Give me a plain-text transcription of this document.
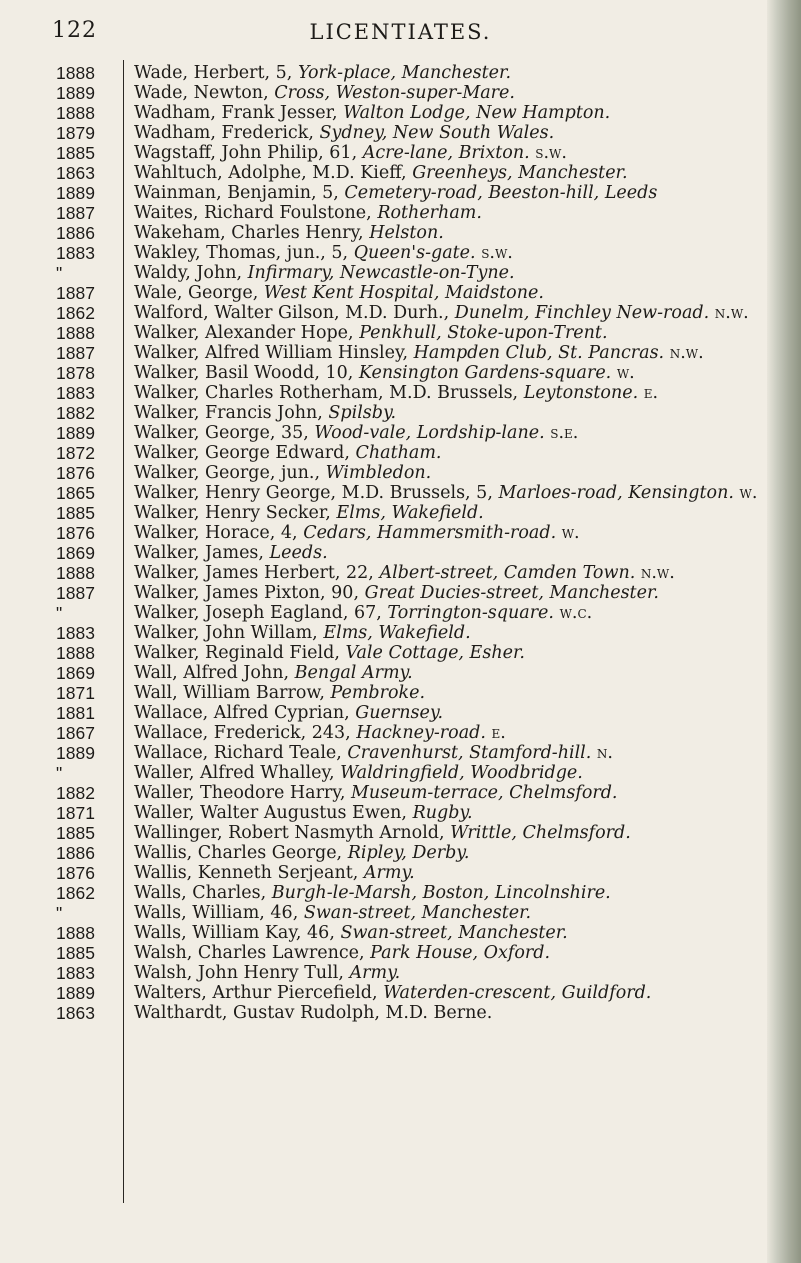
122	LICENTIATES.
1888	Wade, Herbert, 5, York-place, Manchester.
1889	Wade, Newton, Cross, Weston-super-Mare.
1888	Wadham, Frank Jesser, Walton Lodge, New Hampton.
1879	Wadham, Frederick, Sydney, New South Wales.
1885	Wagstaff, John Philip, 61, Acre-lane, Brixton. s.w.
1863	Wahltuch, Adolphe, M.D. Kieff, Greenheys, Manchester.
1889	Wainman, Benjamin, 5, Cemetery-road, Beeston-hill, Leeds
1887	Waites, Richard Foulstone, Rotherham.
1886	Wakeham, Charles Henry, Helston.
1883	Wakley, Thomas, jun., 5, Queen's-gate. s.w.
"	Waldy, John, Infirmary, Newcastle-on-Tyne.
1887	Wale, George, West Kent Hospital, Maidstone.
1862	Walford, Walter Gilson, M.D. Durh., Dunelm, Finchley New-road. n.w.
1888	Walker, Alexander Hope, Penkhull, Stoke-upon-Trent.
1887	Walker, Alfred William Hinsley, Hampden Club, St. Pancras. n.w.
1878	Walker, Basil Woodd, 10, Kensington Gardens-square. w.
1883	Walker, Charles Rotherham, M.D. Brussels, Leytonstone. e.
1882	Walker, Francis John, Spilsby.
1889	Walker, George, 35, Wood-vale, Lordship-lane. s.e.
1872	Walker, George Edward, Chatham.
1876	Walker, George, jun., Wimbledon.
1865	Walker, Henry George, M.D. Brussels, 5, Marloes-road, Kensington. w.
1885	Walker, Henry Secker, Elms, Wakefield.
1876	Walker, Horace, 4, Cedars, Hammersmith-road. w.
1869	Walker, James, Leeds.
1888	Walker, James Herbert, 22, Albert-street, Camden Town. n.w.
1887	Walker, James Pixton, 90, Great Ducies-street, Manchester.
"	Walker, Joseph Eagland, 67, Torrington-square. w.c.
1883	Walker, John Willam, Elms, Wakefield.
1888	Walker, Reginald Field, Vale Cottage, Esher.
1869	Wall, Alfred John, Bengal Army.
1871	Wall, William Barrow, Pembroke.
1881	Wallace, Alfred Cyprian, Guernsey.
1867	Wallace, Frederick, 243, Hackney-road. e.
1889	Wallace, Richard Teale, Cravenhurst, Stamford-hill. n.
"	Waller, Alfred Whalley, Waldringfield, Woodbridge.
1882	Waller, Theodore Harry, Museum-terrace, Chelmsford.
1871	Waller, Walter Augustus Ewen, Rugby.
1885	Wallinger, Robert Nasmyth Arnold, Writtle, Chelmsford.
1886	Wallis, Charles George, Ripley, Derby.
1876	Wallis, Kenneth Serjeant, Army.
1862	Walls, Charles, Burgh-le-Marsh, Boston, Lincolnshire.
"	Walls, William, 46, Swan-street, Manchester.
1888	Walls, William Kay, 46, Swan-street, Manchester.
1885	Walsh, Charles Lawrence, Park House, Oxford.
1883	Walsh, John Henry Tull, Army.
1889	Walters, Arthur Piercefield, Waterden-crescent, Guildford.
1863	Walthardt, Gustav Rudolph, M.D. Berne.
